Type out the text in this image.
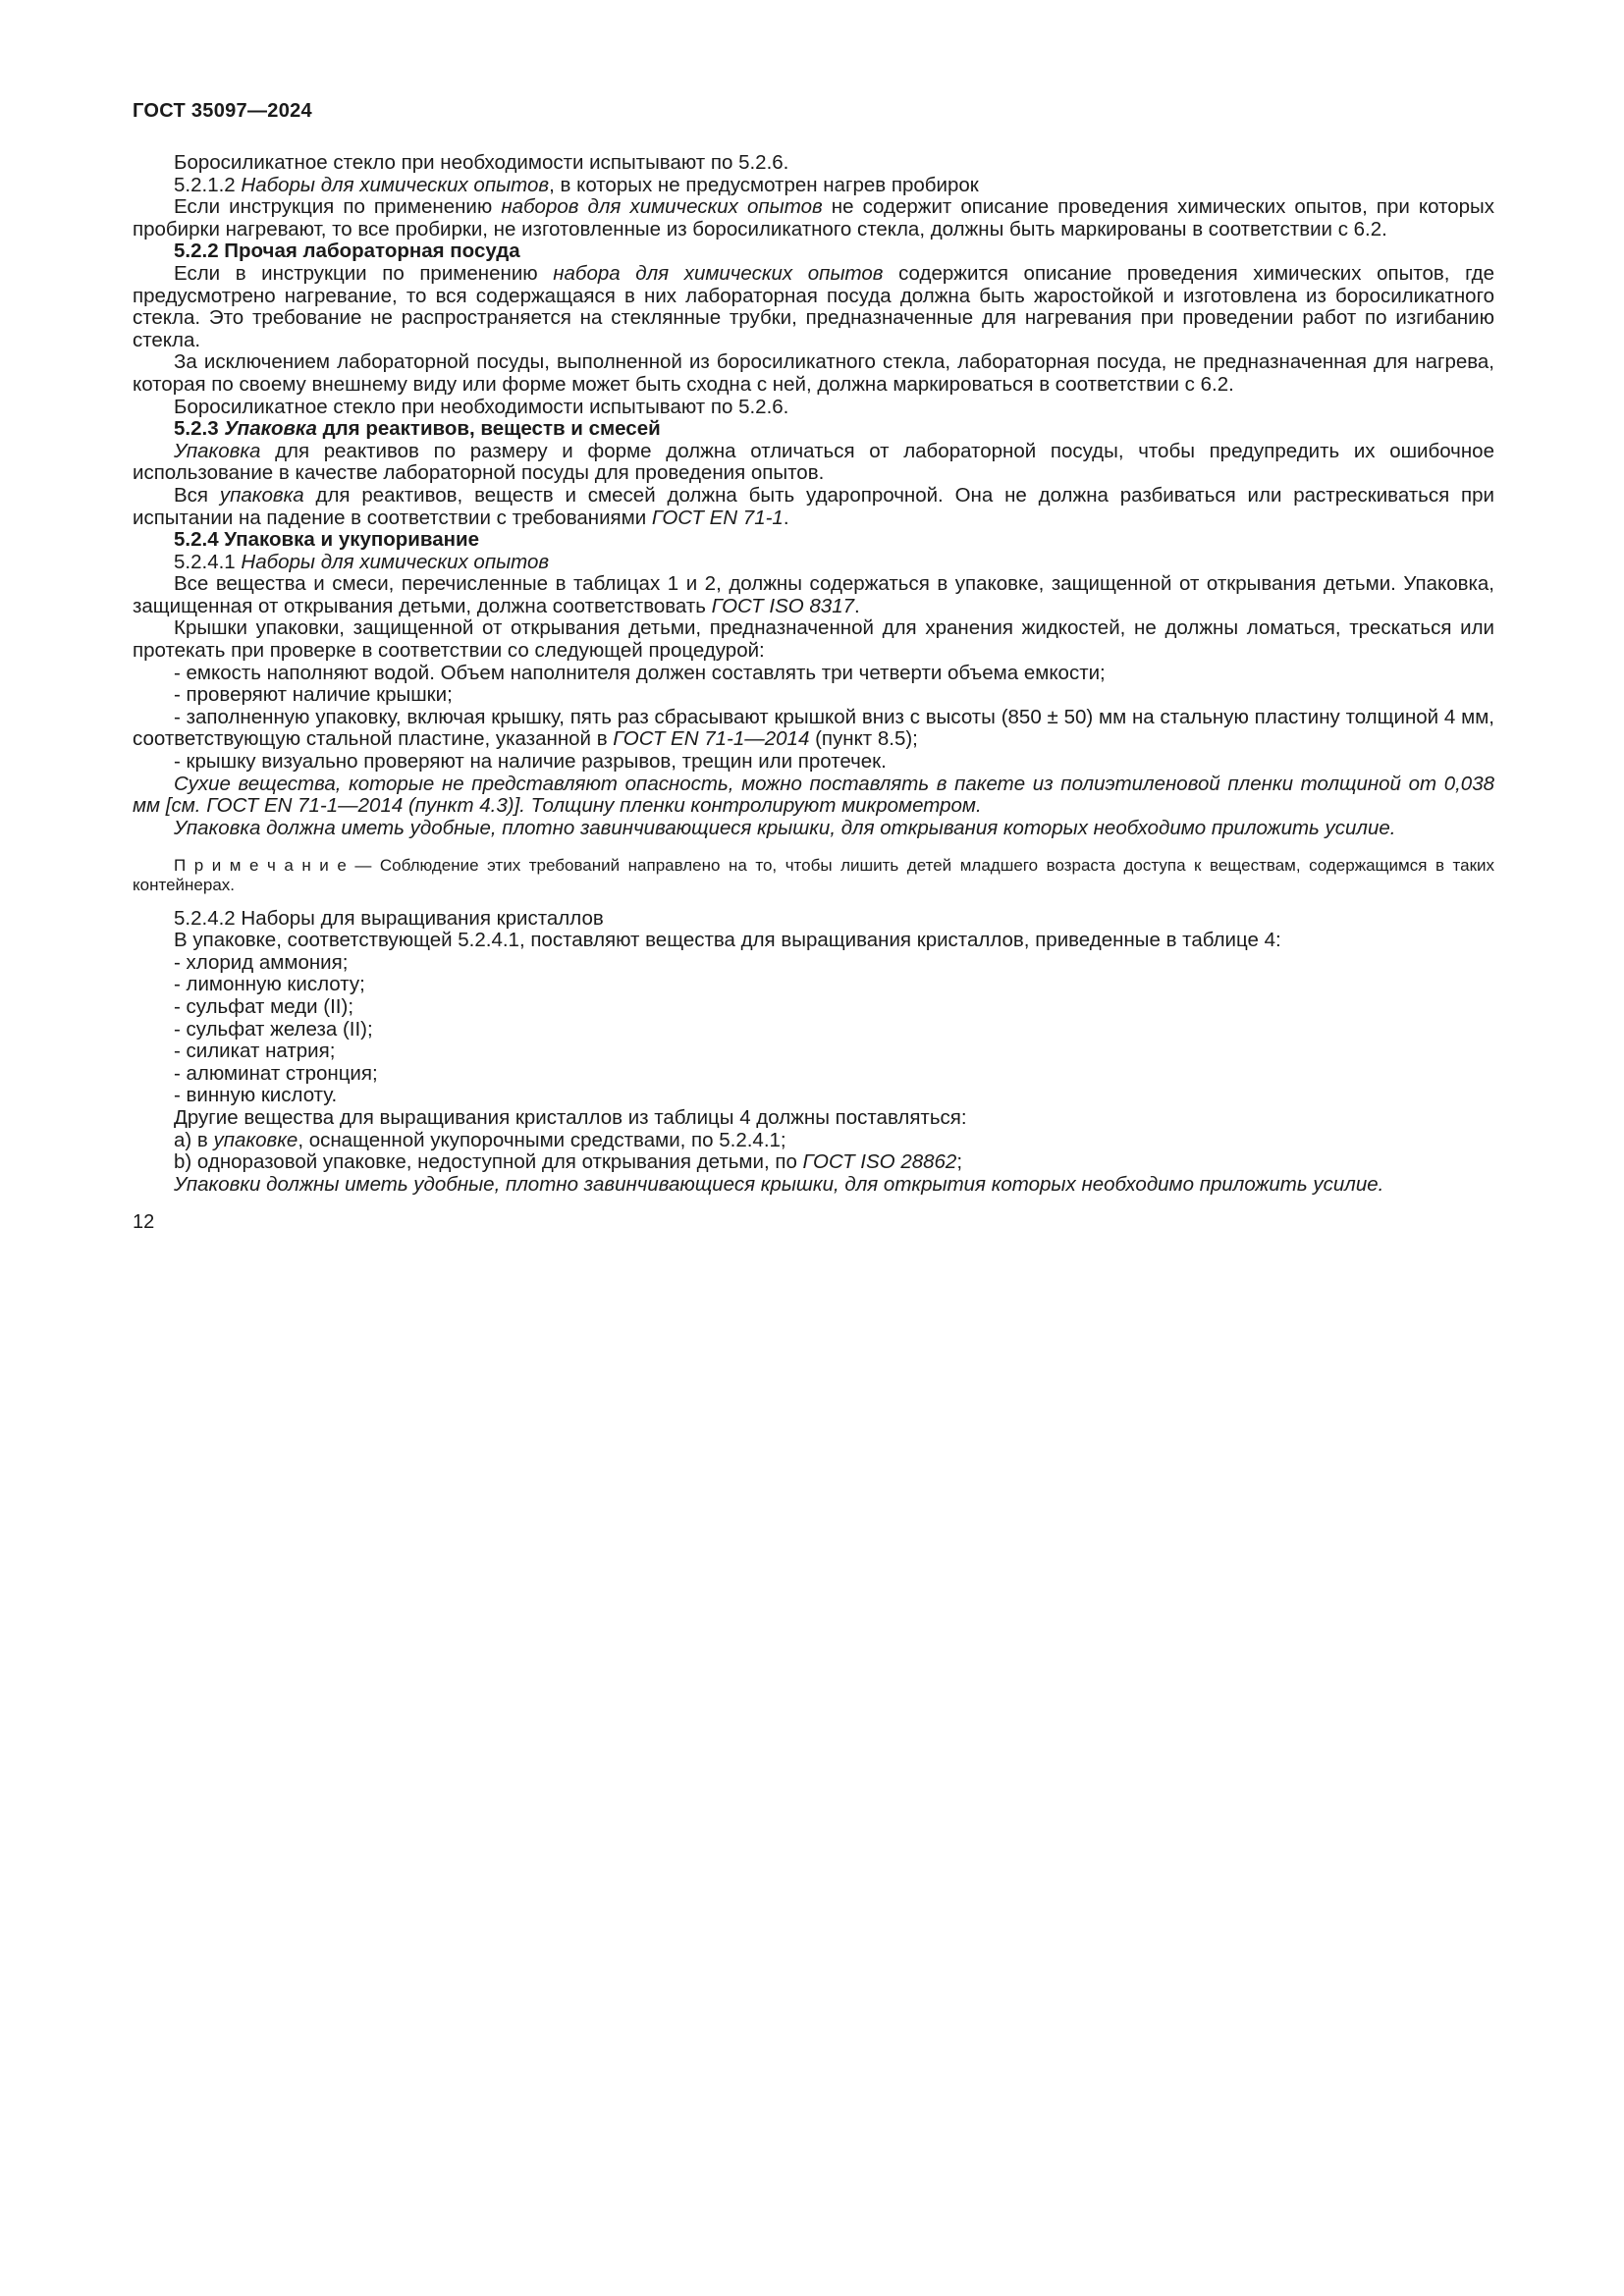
ГОСТ 35097—2024

Боросиликатное стекло при необходимости испытывают по 5.2.6.

5.2.1.2 Наборы для химических опытов, в которых не предусмотрен нагрев пробирок

Если инструкция по применению наборов для химических опытов не содержит описание проведения химических опытов, при которых пробирки нагревают, то все пробирки, не изготовленные из боросиликатного стекла, должны быть маркированы в соответствии с 6.2.

5.2.2 Прочая лабораторная посуда

Если в инструкции по применению набора для химических опытов содержится описание проведения химических опытов, где предусмотрено нагревание, то вся содержащаяся в них лабораторная посуда должна быть жаростойкой и изготовлена из боросиликатного стекла. Это требование не распространяется на стеклянные трубки, предназначенные для нагревания при проведении работ по изгибанию стекла.

За исключением лабораторной посуды, выполненной из боросиликатного стекла, лабораторная посуда, не предназначенная для нагрева, которая по своему внешнему виду или форме может быть сходна с ней, должна маркироваться в соответствии с 6.2.

Боросиликатное стекло при необходимости испытывают по 5.2.6.

5.2.3 Упаковка для реактивов, веществ и смесей

Упаковка для реактивов по размеру и форме должна отличаться от лабораторной посуды, чтобы предупредить их ошибочное использование в качестве лабораторной посуды для проведения опытов.

Вся упаковка для реактивов, веществ и смесей должна быть ударопрочной. Она не должна разбиваться или растрескиваться при испытании на падение в соответствии с требованиями ГОСТ EN 71-1.

5.2.4 Упаковка и укупоривание

5.2.4.1 Наборы для химических опытов

Все вещества и смеси, перечисленные в таблицах 1 и 2, должны содержаться в упаковке, защищенной от открывания детьми. Упаковка, защищенная от открывания детьми, должна соответствовать ГОСТ ISO 8317.

Крышки упаковки, защищенной от открывания детьми, предназначенной для хранения жидкостей, не должны ломаться, трескаться или протекать при проверке в соответствии со следующей процедурой:

- емкость наполняют водой. Объем наполнителя должен составлять три четверти объема емкости;

- проверяют наличие крышки;

- заполненную упаковку, включая крышку, пять раз сбрасывают крышкой вниз с высоты (850 ± 50) мм на стальную пластину толщиной 4 мм, соответствующую стальной пластине, указанной в ГОСТ EN 71-1—2014 (пункт 8.5);

- крышку визуально проверяют на наличие разрывов, трещин или протечек.

Сухие вещества, которые не представляют опасность, можно поставлять в пакете из полиэтиленовой пленки толщиной от 0,038 мм [см. ГОСТ EN 71-1—2014 (пункт 4.3)]. Толщину пленки контролируют микрометром.

Упаковка должна иметь удобные, плотно завинчивающиеся крышки, для открывания которых необходимо приложить усилие.

П р и м е ч а н и е — Соблюдение этих требований направлено на то, чтобы лишить детей младшего возраста доступа к веществам, содержащимся в таких контейнерах.

5.2.4.2 Наборы для выращивания кристаллов

В упаковке, соответствующей 5.2.4.1, поставляют вещества для выращивания кристаллов, приведенные в таблице 4:

- хлорид аммония;

- лимонную кислоту;

- сульфат меди (II);

- сульфат железа (II);

- силикат натрия;

- алюминат стронция;

- винную кислоту.

Другие вещества для выращивания кристаллов из таблицы 4 должны поставляться:

a) в упаковке, оснащенной укупорочными средствами, по 5.2.4.1;

b) одноразовой упаковке, недоступной для открывания детьми, по ГОСТ ISO 28862;

Упаковки должны иметь удобные, плотно завинчивающиеся крышки, для открытия которых необходимо приложить усилие.

12
